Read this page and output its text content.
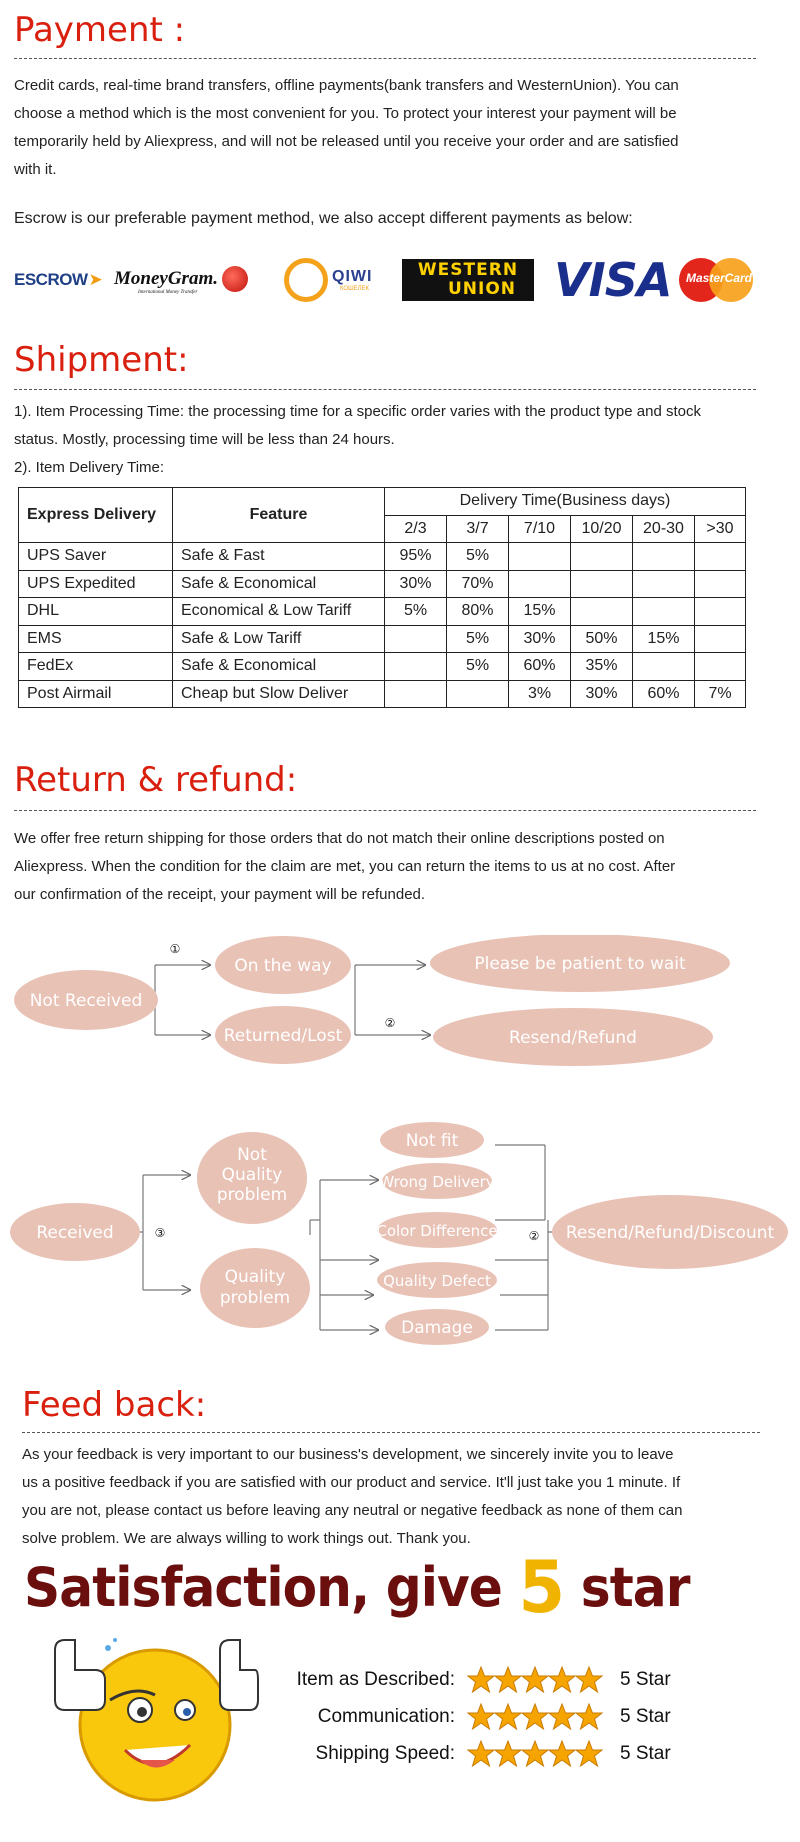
Payment :

Credit cards, real-time brand transfers, offline payments(bank transfers and WesternUnion). You can

choose a method which is the most convenient for you. To protect your interest your payment will be

temporarily held by Aliexpress, and will not be released until you receive your order and are satisfied

with it.

Escrow is our preferable payment method, we also accept different payments as below:
ESCROW ➤ MoneyGram.
International Money Transfer
QIWI
КОШЕЛЕК
WESTERN
UNION VISA	MasterCard
Shipment:

1). Item Processing Time: the processing time for a specific order varies with the product type and stock

status. Mostly, processing time will be less than 24 hours.

2). Item Delivery Time:

Express Delivery	Feature	Delivery Time(Business days)					
		2/3	3/7	7/10	10/20	20-30	>30
UPS Saver	Safe & Fast	95%	5%				
UPS Expedited	Safe & Economical	30%	70%				
DHL	Economical & Low Tariff	5%	80%	15%			
EMS	Safe & Low Tariff		5%	30%	50%	15%	
FedEx	Safe & Economical		5%	60%	35%		
Post Airmail	Cheap but Slow Deliver			3%	30%	60%	7%
Return & refund:

We offer free return shipping for those orders that do not match their online descriptions posted on

Aliexpress. When the condition for the claim are met, you can return the items to us at no cost. After

our confirmation of the receipt, your payment will be refunded.

Not Received
On the way
Returned/Lost
Please be patient to wait
Resend/Refund
①
②
Received
Not
Quality
problem
Quality
problem
Not fit
Wrong Delivery
Color Difference
Quality Defect
Damage
Resend/Refund/Discount
③	②
Feed back:

As your feedback is very important to our business's development, we sincerely invite you to leave

us a positive feedback if you are satisfied with our product and service. It'll just take you 1 minute. If

you are not, please contact us before leaving any neutral or negative feedback as none of them can

solve problem. We are always willing to work things out. Thank you.

Satisfaction, give 5 star
Item as Described:	5 Star
Communication:	5 Star
Shipping Speed:	5 Star
